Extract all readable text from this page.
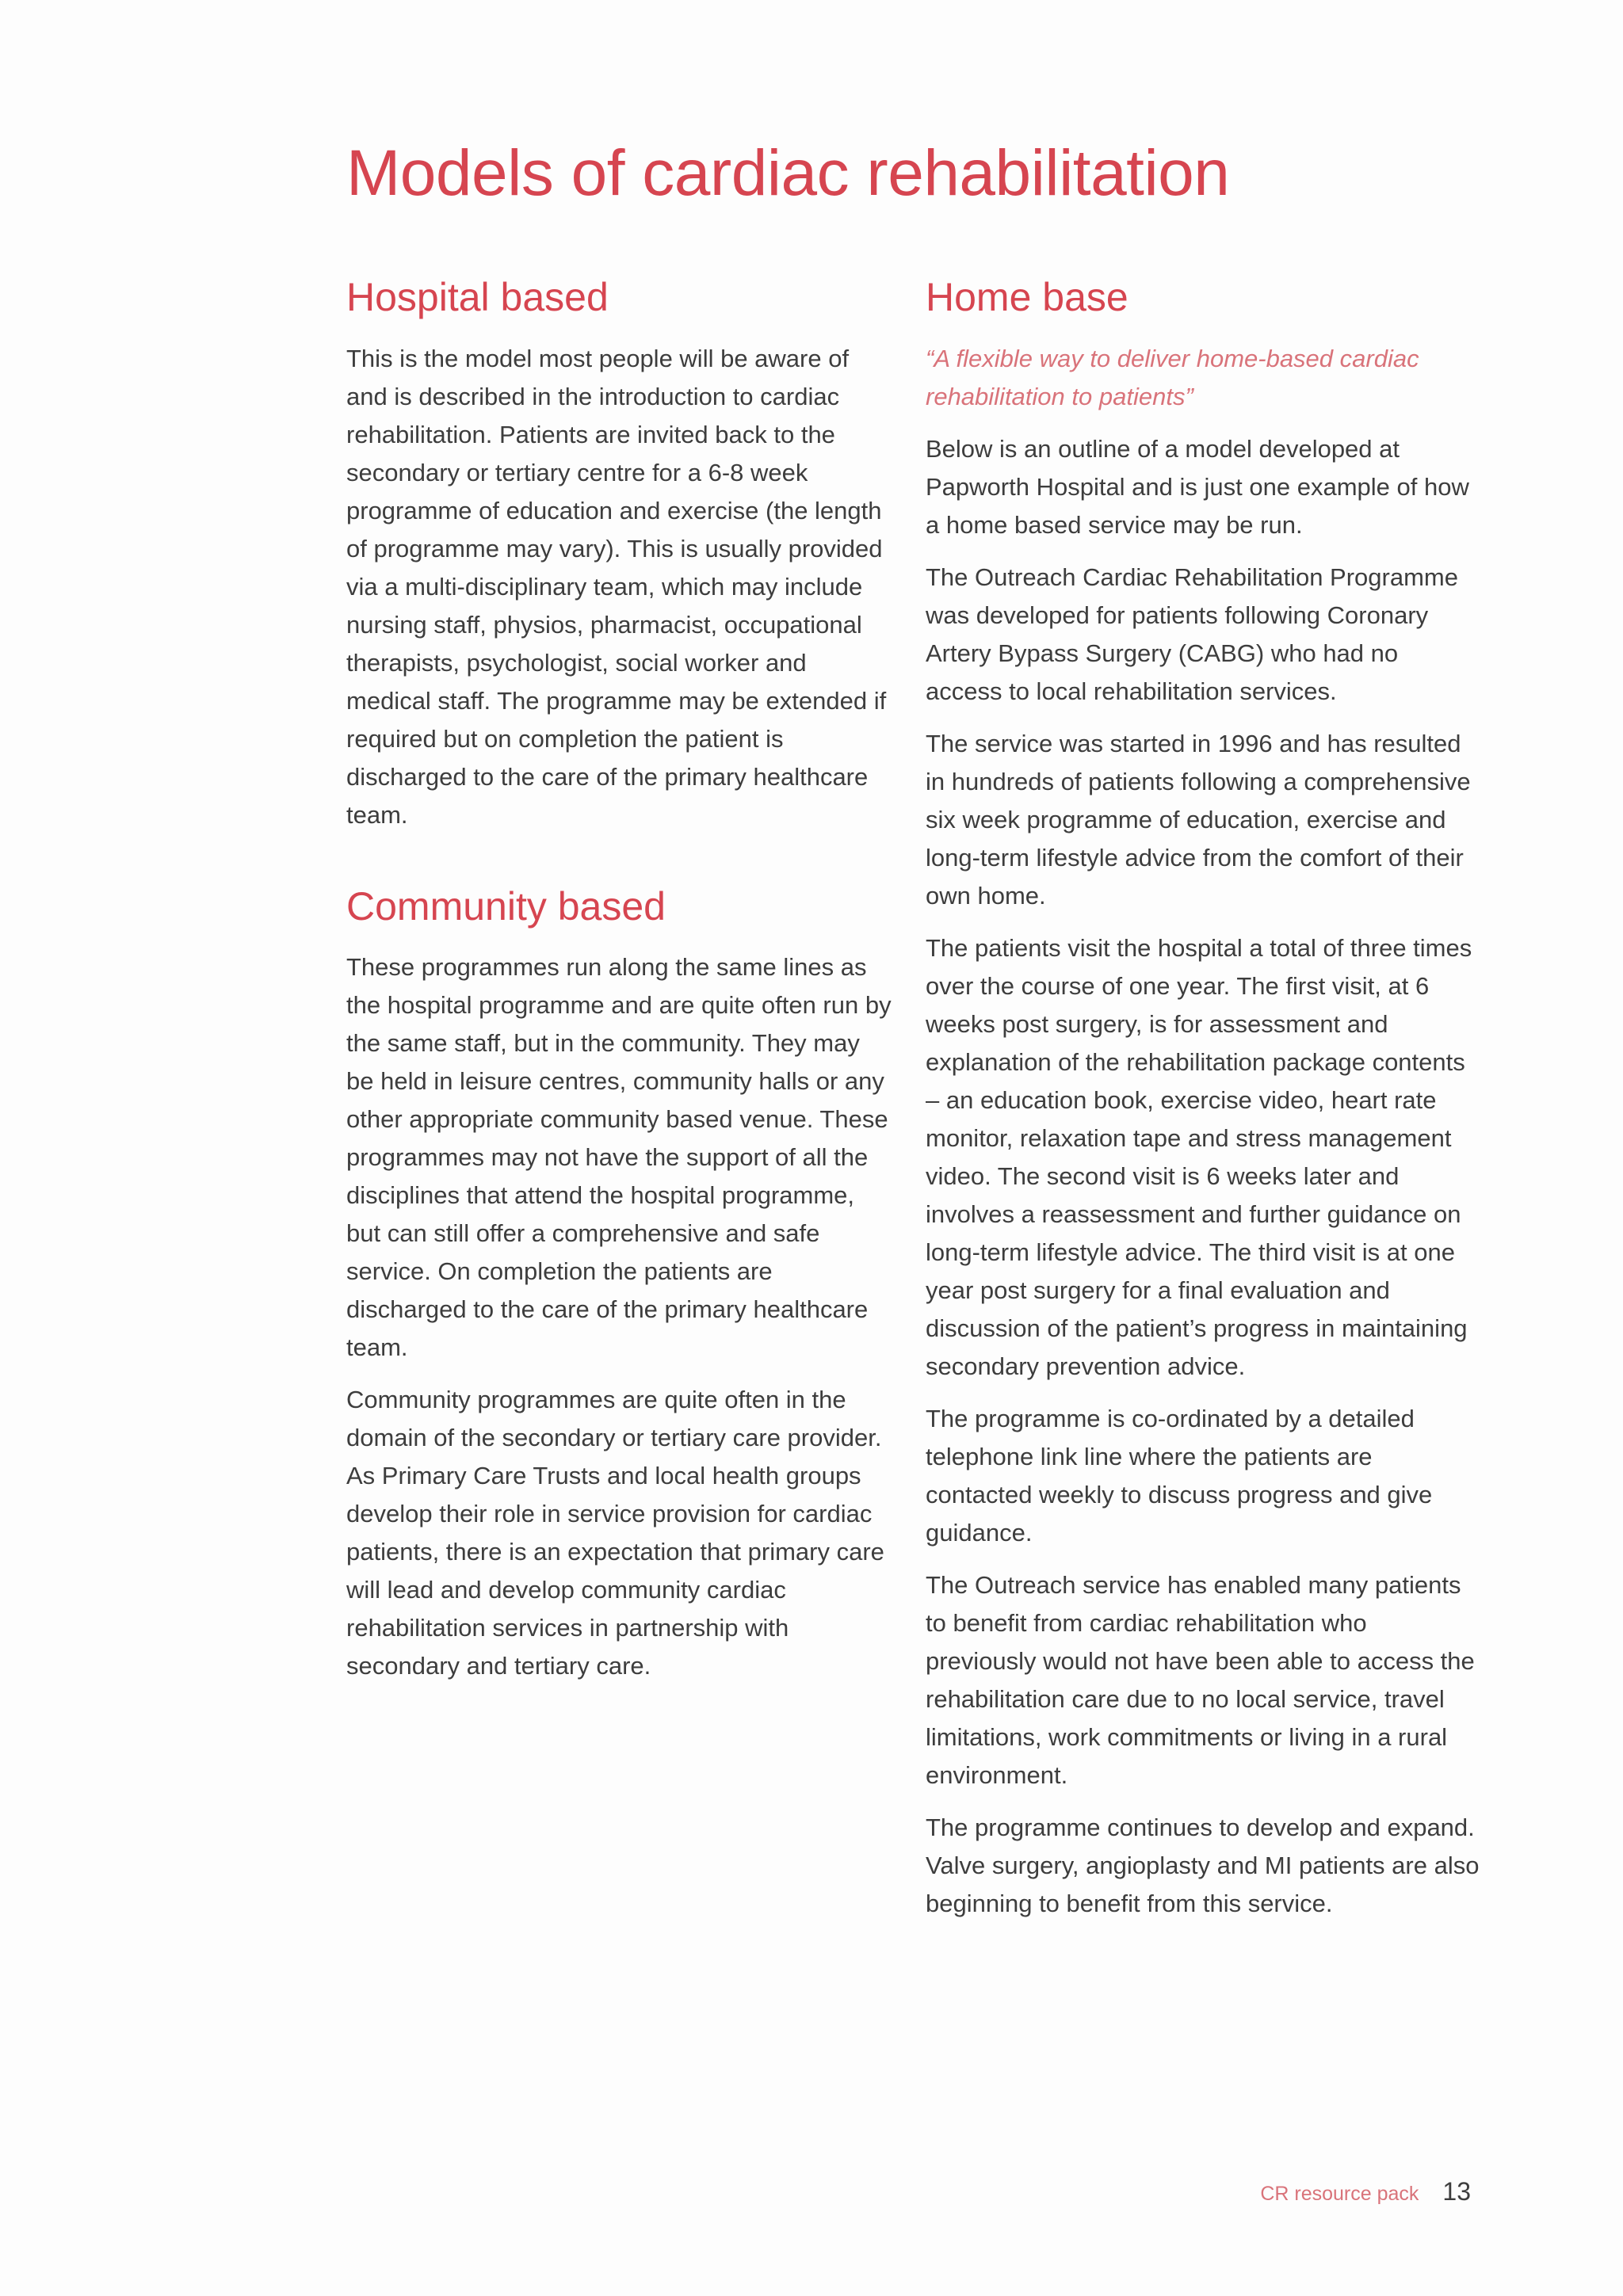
Models of cardiac rehabilitation
Hospital based

This is the model most people will be aware of and is described in the introduction to cardiac rehabilitation. Patients are invited back to the secondary or tertiary centre for a 6-8 week programme of education and exercise (the length of programme may vary). This is usually provided via a multi-disciplinary team, which may include nursing staff, physios, pharmacist, occupational therapists, psychologist, social worker and medical staff. The programme may be extended if required but on completion the patient is discharged to the care of the primary healthcare team.

Community based

These programmes run along the same lines as the hospital programme and are quite often run by the same staff, but in the community. They may be held in leisure centres, community halls or any other appropriate community based venue. These programmes may not have the support of all the disciplines that attend the hospital programme, but can still offer a comprehensive and safe service. On completion the patients are discharged to the care of the primary healthcare team.

Community programmes are quite often in the domain of the secondary or tertiary care provider. As Primary Care Trusts and local health groups develop their role in service provision for cardiac patients, there is an expectation that primary care will lead and develop community cardiac rehabilitation services in partnership with secondary and tertiary care.

Home base

“A flexible way to deliver home-based cardiac rehabilitation to patients”

Below is an outline of a model developed at Papworth Hospital and is just one example of how a home based service may be run.

The Outreach Cardiac Rehabilitation Programme was developed for patients following Coronary Artery Bypass Surgery (CABG) who had no access to local rehabilitation services.

The service was started in 1996 and has resulted in hundreds of patients following a comprehensive six week programme of education, exercise and long-term lifestyle advice from the comfort of their own home.

The patients visit the hospital a total of three times over the course of one year. The first visit, at 6 weeks post surgery, is for assessment and explanation of the rehabilitation package contents – an education book, exercise video, heart rate monitor, relaxation tape and stress management video. The second visit is 6 weeks later and involves a reassessment and further guidance on long-term lifestyle advice. The third visit is at one year post surgery for a final evaluation and discussion of the patient’s progress in maintaining secondary prevention advice.

The programme is co-ordinated by a detailed telephone link line where the patients are contacted weekly to discuss progress and give guidance.

The Outreach service has enabled many patients to benefit from cardiac rehabilitation who previously would not have been able to access the rehabilitation care due to no local service, travel limitations, work commitments or living in a rural environment.

The programme continues to develop and expand. Valve surgery, angioplasty and MI patients are also beginning to benefit from this service.

CR resource pack 13
